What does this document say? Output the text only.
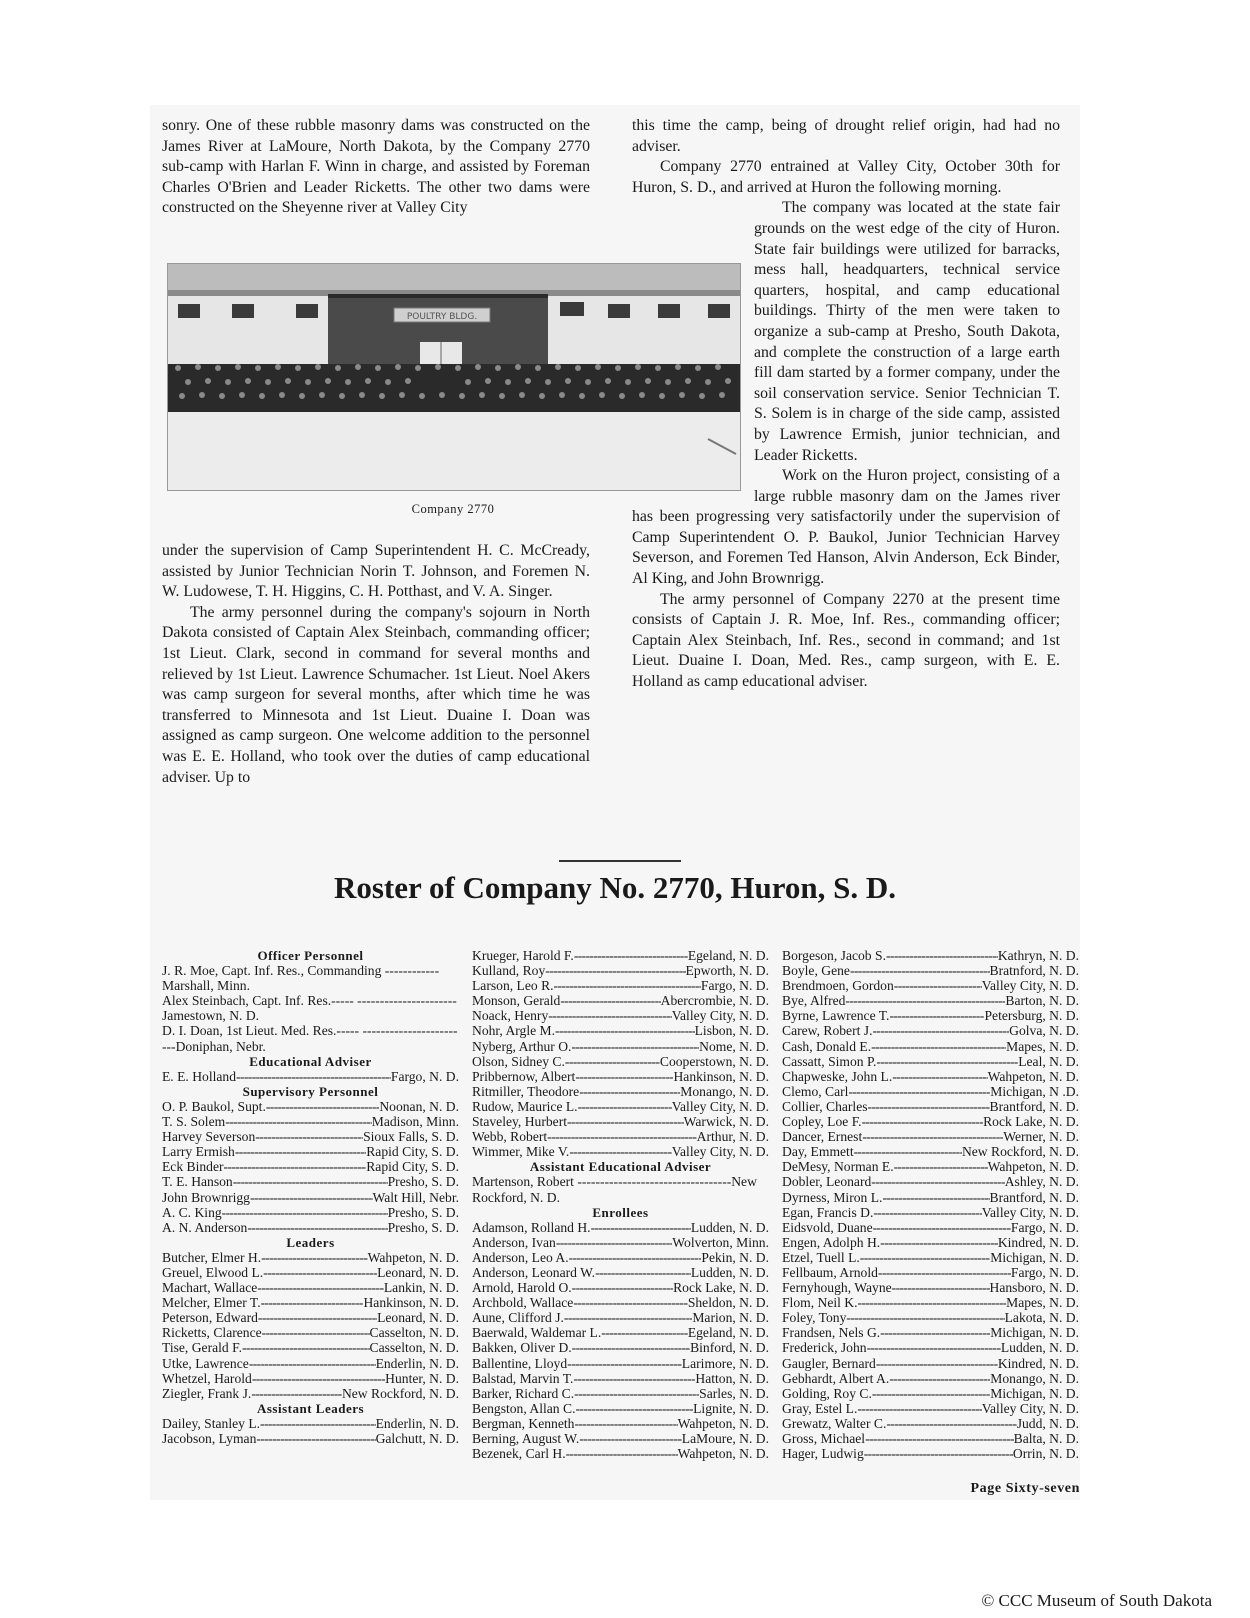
sonry. One of these rubble masonry dams was constructed on the James River at LaMoure, North Dakota, by the Company 2770 sub-camp with Harlan F. Winn in charge, and assisted by Foreman Charles O'Brien and Leader Ricketts. The other two dams were constructed on the Sheyenne river at Valley City

POULTRY BLDG.
Company 2770

under the supervision of Camp Superintendent H. C. McCready, assisted by Junior Technician Norin T. Johnson, and Foremen N. W. Ludowese, T. H. Higgins, C. H. Potthast, and V. A. Singer.

The army personnel during the company's sojourn in North Dakota consisted of Captain Alex Steinbach, commanding officer; 1st Lieut. Clark, second in command for several months and relieved by 1st Lieut. Lawrence Schumacher. 1st Lieut. Noel Akers was camp surgeon for several months, after which time he was transferred to Minnesota and 1st Lieut. Duaine I. Doan was assigned as camp surgeon. One welcome addition to the personnel was E. E. Holland, who took over the duties of camp educational adviser. Up to

this time the camp, being of drought relief origin, had had no adviser.

Company 2770 entrained at Valley City, October 30th for Huron, S. D., and arrived at Huron the following morning.

The company was located at the state fair grounds on the west edge of the city of Huron. State fair buildings were utilized for barracks, mess hall, headquarters, technical service quarters, hospital, and camp educational buildings. Thirty of the men were taken to organize a sub-camp at Presho, South Dakota, and complete the construction of a large earth fill dam started by a former company, under the soil conservation service. Senior Technician T. S. Solem is in charge of the side camp, assisted by Lawrence Ermish, junior technician, and Leader Ricketts.

Work on the Huron project, consisting of a large rubble masonry dam on the James river has been progressing very satisfactorily under the supervision of Camp Superintendent O. P. Baukol, Junior Technician Harvey Severson, and Foremen Ted Hanson, Alvin Anderson, Eck Binder, Al King, and John Brownrigg.

The army personnel of Company 2270 at the present time consists of Captain J. R. Moe, Inf. Res., commanding officer; Captain Alex Steinbach, Inf. Res., second in command; and 1st Lieut. Duaine I. Doan, Med. Res., camp surgeon, with E. E. Holland as camp educational adviser.

Roster of Company No. 2770, Huron, S. D.
Officer Personnel
J. R. Moe, Capt. Inf. Res., Commanding ------------Marshall, Minn.
Alex Steinbach, Capt. Inf. Res.----- ----------------------Jamestown, N. D.
D. I. Doan, 1st Lieut. Med. Res.----- ------------------------Doniphan, Nebr.
Educational Adviser
E. E. Holland - - -	Fargo, N. D.
Supervisory Personnel
O. P. Baukol, Supt. - - -	Noonan, N. D.
T. S. Solem - - -	Madison, Minn.
Harvey Severson - - -	Sioux Falls, S. D.
Larry Ermish - - -	Rapid City, S. D.
Eck Binder - - -	Rapid City, S. D.
T. E. Hanson - - -	Presho, S. D.
John Brownrigg - - -	Walt Hill, Nebr.
A. C. King - - -	Presho, S. D.
A. N. Anderson - - -	Presho, S. D.
Leaders
Butcher, Elmer H. - - -	Wahpeton, N. D.
Greuel, Elwood L. - - -	Leonard, N. D.
Machart, Wallace - - -	Lankin, N. D.
Melcher, Elmer T. - - -	Hankinson, N. D.
Peterson, Edward - - -	Leonard, N. D.
Ricketts, Clarence - - -	Casselton, N. D.
Tise, Gerald F. - - -	Casselton, N. D.
Utke, Lawrence - - -	Enderlin, N. D.
Whetzel, Harold - - -	Hunter, N. D.
Ziegler, Frank J. - - -	New Rockford, N. D.
Assistant Leaders
Dailey, Stanley L. - - -	Enderlin, N. D.
Jacobson, Lyman - - -	Galchutt, N. D.
Krueger, Harold F. - - -	Egeland, N. D.
Kulland, Roy - - -	Epworth, N. D.
Larson, Leo R. - - -	Fargo, N. D.
Monson, Gerald - - -	Abercrombie, N. D.
Noack, Henry - - -	Valley City, N. D.
Nohr, Argle M. - - -	Lisbon, N. D.
Nyberg, Arthur O. - - -	Nome, N. D.
Olson, Sidney C. - - -	Cooperstown, N. D.
Pribbernow, Albert - - -	Hankinson, N. D.
Ritmiller, Theodore - - -	Monango, N. D.
Rudow, Maurice L. - - -	Valley City, N. D.
Staveley, Hurbert - - -	Warwick, N. D.
Webb, Robert - - -	Arthur, N. D.
Wimmer, Mike V. - - -	Valley City, N. D.
Assistant Educational Adviser
Martenson, Robert ----------------------------------New Rockford, N. D.
Enrollees
Adamson, Rolland H. - - -	Ludden, N. D.
Anderson, Ivan - - -	Wolverton, Minn.
Anderson, Leo A. - - -	Pekin, N. D.
Anderson, Leonard W. - - -	Ludden, N. D.
Arnold, Harold O. - - -	Rock Lake, N. D.
Archbold, Wallace - - -	Sheldon, N. D.
Aune, Clifford J. - - -	Marion, N. D.
Baerwald, Waldemar L. - - -	Egeland, N. D.
Bakken, Oliver D. - - -	Binford, N. D.
Ballentine, Lloyd - - -	Larimore, N. D.
Balstad, Marvin T. - - -	Hatton, N. D.
Barker, Richard C. - - -	Sarles, N. D.
Bengston, Allan C. - - -	Lignite, N. D.
Bergman, Kenneth - - -	Wahpeton, N. D.
Berning, August W. - - -	LaMoure, N. D.
Bezenek, Carl H. - - -	Wahpeton, N. D.
Borgeson, Jacob S. - - -	Kathryn, N. D.
Boyle, Gene - - -	Bratnford, N. D.
Brendmoen, Gordon - - -	Valley City, N. D.
Bye, Alfred - - -	Barton, N. D.
Byrne, Lawrence T. - - -	Petersburg, N. D.
Carew, Robert J. - - -	Golva, N. D.
Cash, Donald E. - - -	Mapes, N. D.
Cassatt, Simon P. - - -	Leal, N. D.
Chapweske, John L. - - -	Wahpeton, N. D.
Clemo, Carl - - -	Michigan, N .D.
Collier, Charles - - -	Brantford, N. D.
Copley, Loe F. - - -	Rock Lake, N. D.
Dancer, Ernest - - -	Werner, N. D.
Day, Emmett - - -	New Rockford, N. D.
DeMesy, Norman E. - - -	Wahpeton, N. D.
Dobler, Leonard - - -	Ashley, N. D.
Dyrness, Miron L. - - -	Brantford, N. D.
Egan, Francis D. - - -	Valley City, N. D.
Eidsvold, Duane - - -	Fargo, N. D.
Engen, Adolph H. - - -	Kindred, N. D.
Etzel, Tuell L. - - -	Michigan, N. D.
Fellbaum, Arnold - - -	Fargo, N. D.
Fernyhough, Wayne - - -	Hansboro, N. D.
Flom, Neil K. - - -	Mapes, N. D.
Foley, Tony - - -	Lakota, N. D.
Frandsen, Nels G. - - -	Michigan, N. D.
Frederick, John - - -	Ludden, N. D.
Gaugler, Bernard - - -	Kindred, N. D.
Gebhardt, Albert A. - - -	Monango, N. D.
Golding, Roy C. - - -	Michigan, N. D.
Gray, Estel L. - - -	Valley City, N. D.
Grewatz, Walter C. - - -	Judd, N. D.
Gross, Michael - - -	Balta, N. D.
Hager, Ludwig - - -	Orrin, N. D.
Page Sixty-seven
© CCC Museum of South Dakota
